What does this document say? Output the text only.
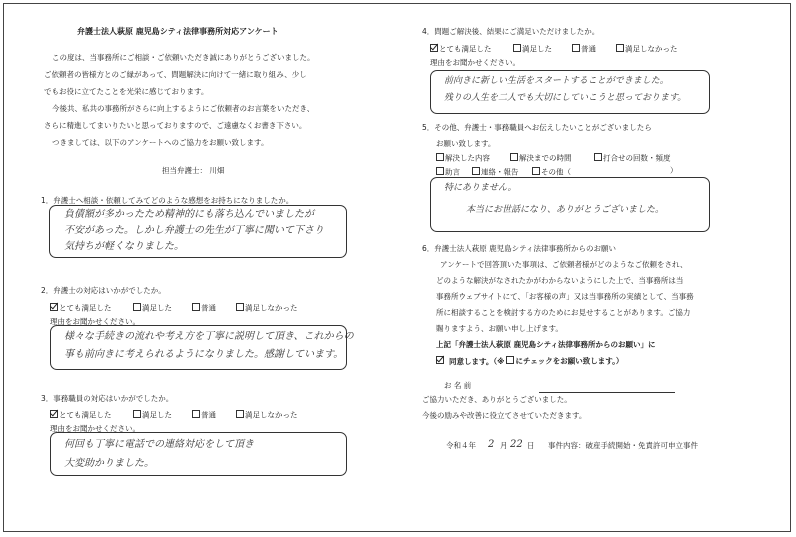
弁護士法人萩原 鹿児島シティ法律事務所対応アンケート
この度は、当事務所にご相談・ご依頼いただき誠にありがとうございました。
ご依頼者の皆様方とのご縁があって、問題解決に向けて一緒に取り組み、少し
でもお役に立てたことを光栄に感じております。
今後共、私共の事務所がさらに向上するようにご依頼者のお言葉をいただき、
さらに精進してまいりたいと思っておりますので、ご遠慮なくお書き下さい。
つきましては、以下のアンケートへのご協力をお願い致します。
担当弁護士： 川畑
1．弁護士へ相談・依頼してみてどのような感想をお持ちになりましたか。
負債額が多かったため精神的にも落ち込んでいましたが
不安があった。しかし弁護士の先生が丁寧に聞いて下さり
気持ちが軽くなりました。
2．弁護士の対応はいかがでしたか。
とても満足した	満足した	普通	満足しなかった
理由をお聞かせください。
様々な手続きの流れや考え方を丁寧に説明して頂き、これからの
事も前向きに考えられるようになりました。感謝しています。
3．事務職員の対応はいかがでしたか。
とても満足した	満足した	普通	満足しなかった
理由をお聞かせください。
何回も丁寧に電話での連絡対応をして頂き
大変助かりました。
4．問題ご解決後、結果にご満足いただけましたか。
とても満足した	満足した	普通	満足しなかった
理由をお聞かせください。
前向きに新しい生活をスタートすることができました。
残りの人生を二人でも大切にしていこうと思っております。
5．その他、弁護士・事務職員へお伝えしたいことがございましたら
お願い致します。
解決した内容	解決までの時間	打合せの回数・頻度
助言	連絡・報告	その他（	）
特にありません。
本当にお世話になり、ありがとうございました。
6．弁護士法人萩原 鹿児島シティ法律事務所からのお願い
アンケートで回答頂いた事項は、ご依頼者様がどのようなご依頼をされ、
どのような解決がなされたかがわからないようにした上で、当事務所は当
事務所ウェブサイトにて、「お客様の声」又は当事務所の実績として、当事務
所に相談することを検討する方のためにお見せすることがあります。ご協力
賜りますよう、お願い申し上げます。
上記「弁護士法人萩原 鹿児島シティ法律事務所からのお願い」に
同意します。（※ にチェックをお願い致します。）
お 名 前
ご協力いただき、ありがとうございました。
今後の励みや改善に役立てさせていただきます。
令和４年 2 月 22 日 事件内容：破産手続開始・免責許可申立事件
